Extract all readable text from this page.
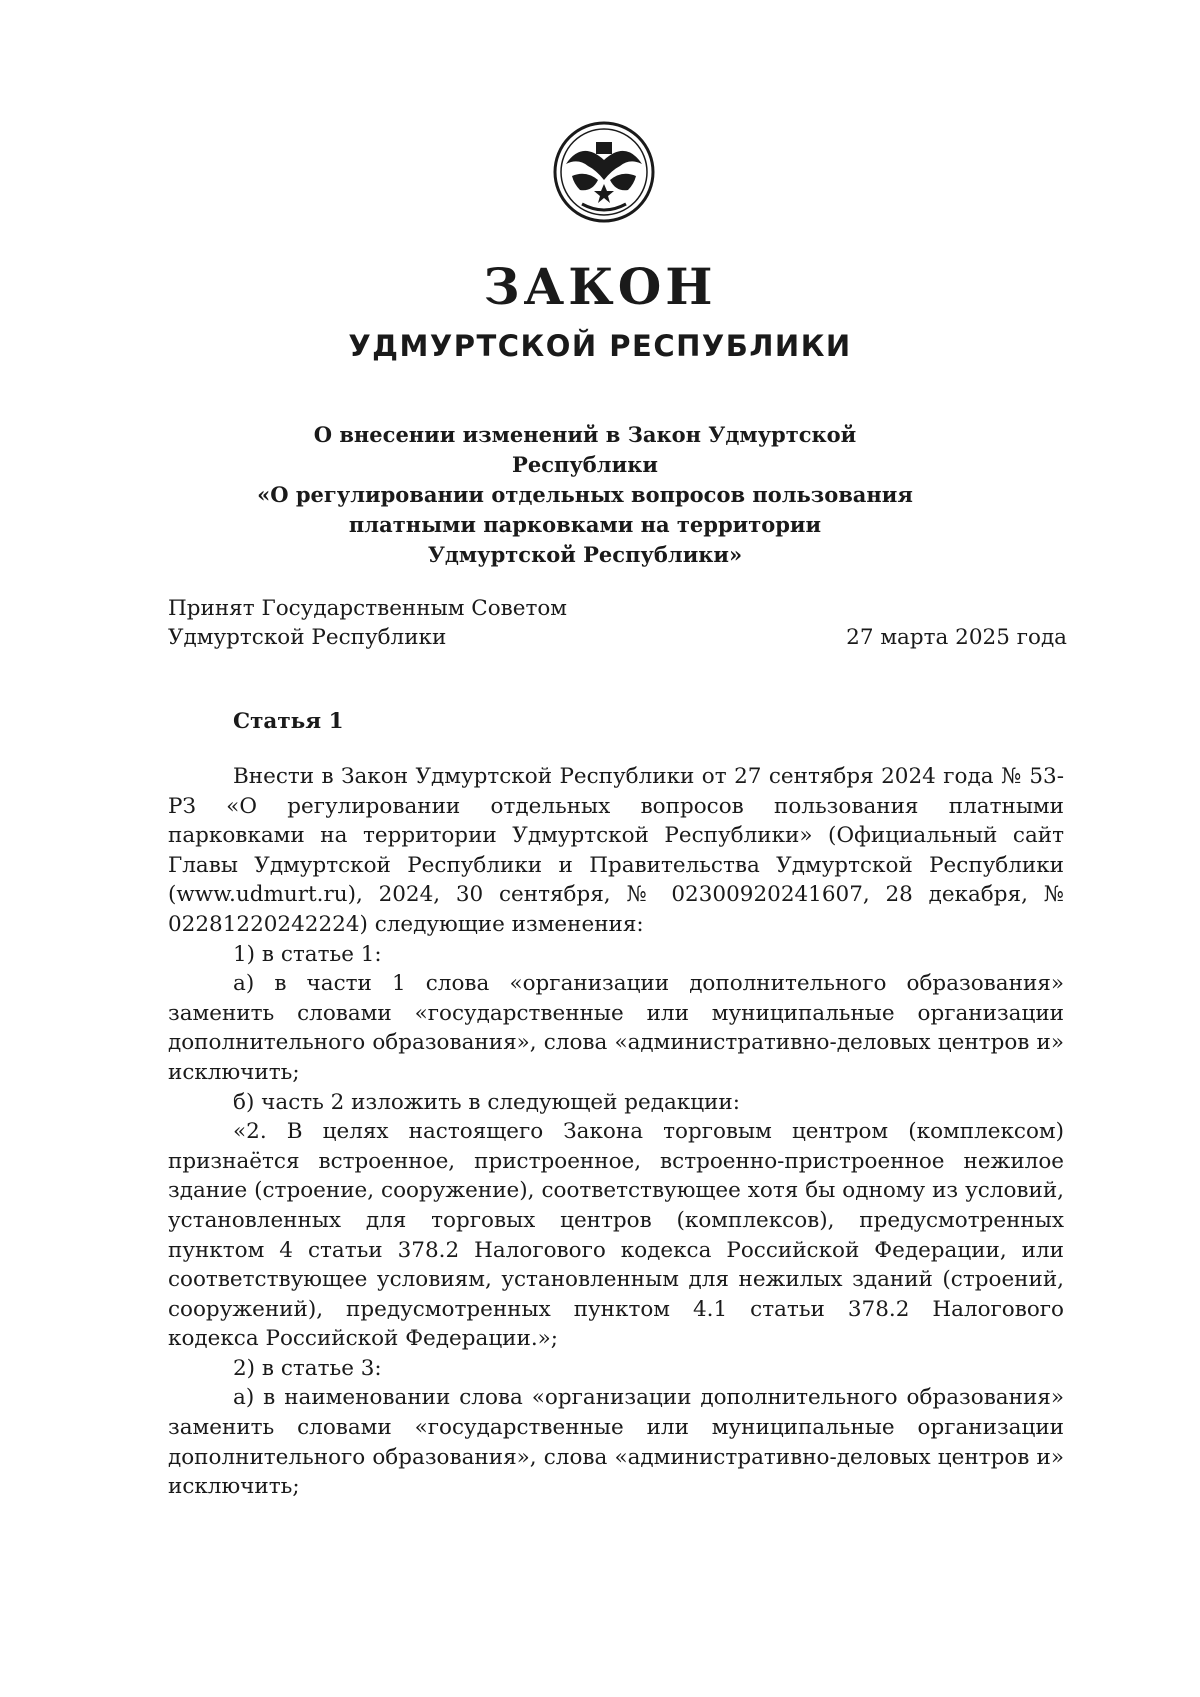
ЗАКОН
УДМУРТСКОЙ РЕСПУБЛИКИ
О внесении изменений в Закон Удмуртской Республики
«О регулировании отдельных вопросов пользования
платными парковками на территории
Удмуртской Республики»
Принят Государственным Советом
Удмуртской Республики	27 марта 2025 года
Статья 1

Внести в Закон Удмуртской Республики от 27 сентября 2024 года № 53-РЗ «О регулировании отдельных вопросов пользования платными парковками на территории Удмуртской Республики» (Официальный сайт Главы Удмуртской Республики и Правительства Удмуртской Республики (www.udmurt.ru), 2024, 30 сентября, № 02300920241607, 28 декабря, № 02281220242224) следующие изменения:

1) в статье 1:

а) в части 1 слова «организации дополнительного образования» заменить словами «государственные или муниципальные организации дополнительного образования», слова «административно-деловых центров и» исключить;

б) часть 2 изложить в следующей редакции:

«2. В целях настоящего Закона торговым центром (комплексом) признаётся встроенное, пристроенное, встроенно-пристроенное нежилое здание (строение, сооружение), соответствующее хотя бы одному из условий, установленных для торговых центров (комплексов), предусмотренных пунктом 4 статьи 378.2 Налогового кодекса Российской Федерации, или соответствующее условиям, установленным для нежилых зданий (строений, сооружений), предусмотренных пунктом 4.1 статьи 378.2 Налогового кодекса Российской Федерации.»;

2) в статье 3:

а) в наименовании слова «организации дополнительного образования» заменить словами «государственные или муниципальные организации дополнительного образования», слова «административно-деловых центров и» исключить;
